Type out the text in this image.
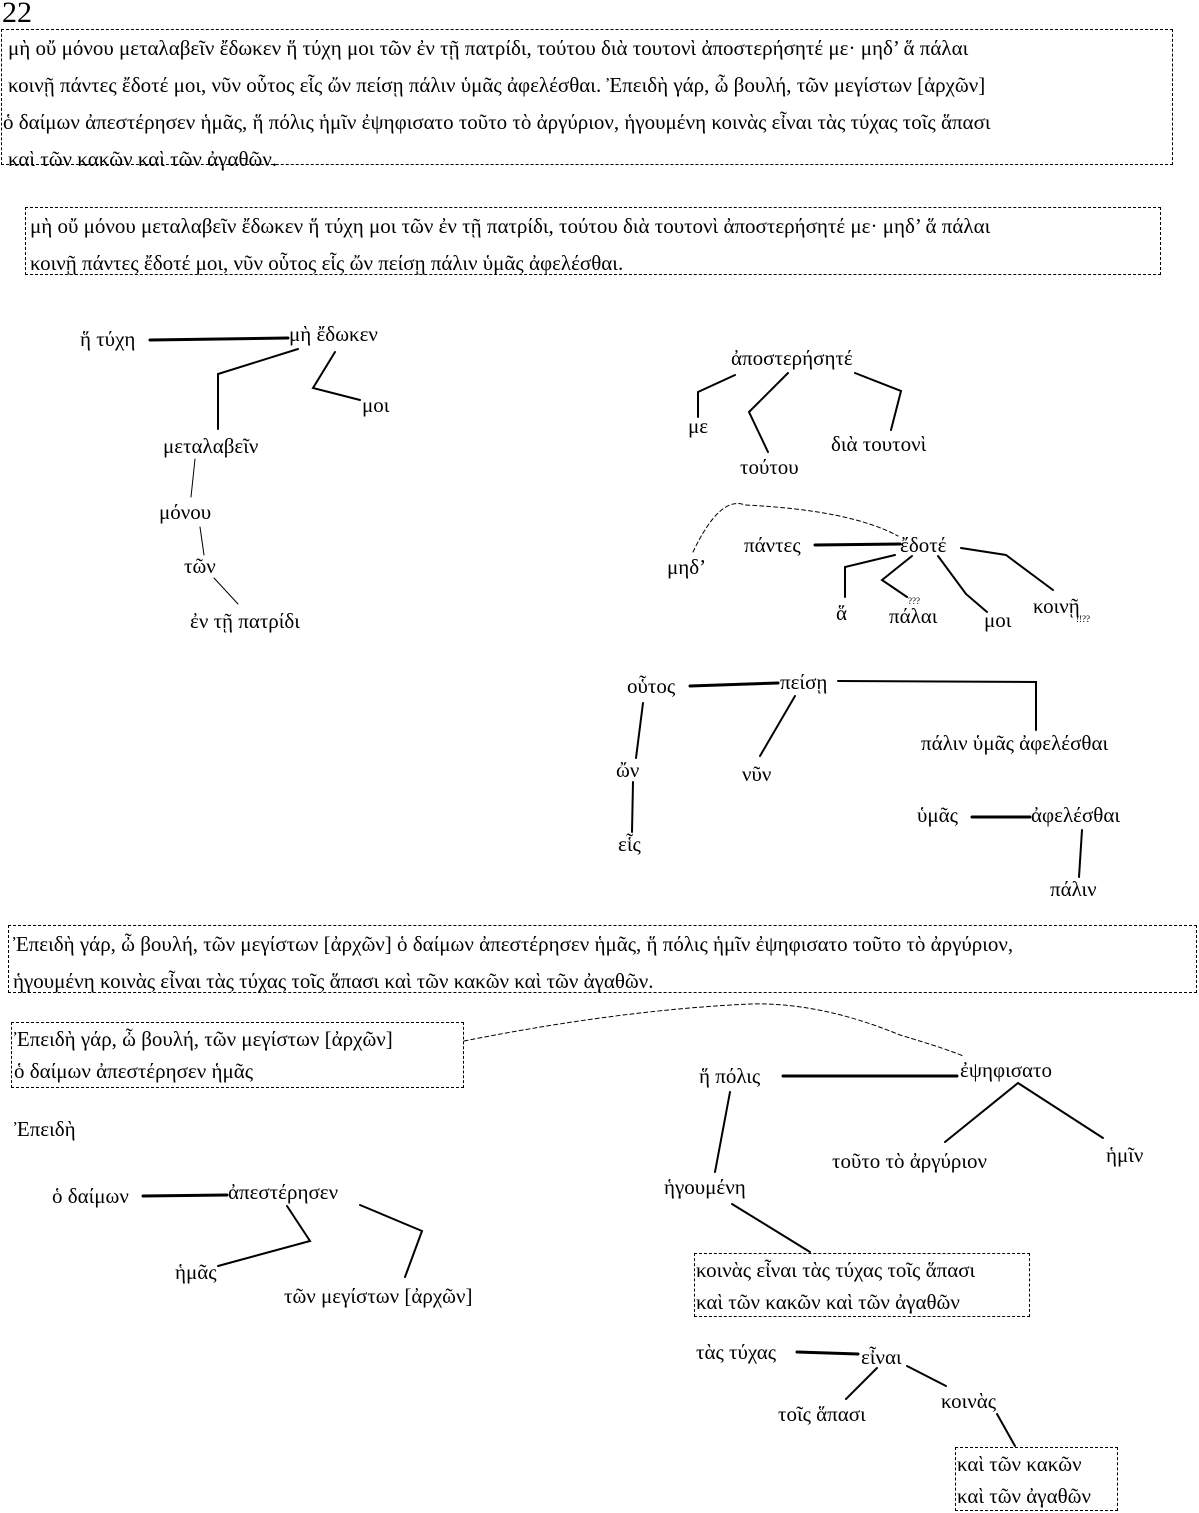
22
μὴ οὔ μόνου μεταλαβεῖν ἔδωκεν ἥ τύχη μοι τῶν ἐν τῇ πατρίδι, τούτου διὰ τουτονὶ ἀποστερήσητέ με· μηδ’ ἅ πάλαι
κοινῇ πάντες ἔδοτέ μοι, νῦν οὗτος εἷς ὤν πείσῃ πάλιν ὑμᾶς ἀφελέσθαι. Ἐπειδὴ γάρ, ὦ βουλή, τῶν μεγίστων [ἀρχῶν]
ὁ δαίμων ἀπεστέρησεν ἡμᾶς, ἥ πόλις ἡμῖν ἐψηφισατο τοῦτο τὸ ἀργύριον, ἡγουμένη κοινὰς εἶναι τὰς τύχας τοῖς ἅπασι
καὶ τῶν κακῶν καὶ τῶν ἀγαθῶν.
μὴ οὔ μόνου μεταλαβεῖν ἔδωκεν ἥ τύχη μοι τῶν ἐν τῇ πατρίδι, τούτου διὰ τουτονὶ ἀποστερήσητέ με· μηδ’ ἅ πάλαι
κοινῇ πάντες ἔδοτέ μοι, νῦν οὗτος εἷς ὤν πείσῃ πάλιν ὑμᾶς ἀφελέσθαι.
ἥ τύχη	μὴ ἔδωκεν
μοι
μεταλαβεῖν
μόνου
τῶν
ἐν τῇ πατρίδι
ἀποστερήσητέ
με
τούτου
διὰ τουτονὶ
μηδ’
πάντες	ἔδοτέ
ἅ πάλαι
???
μοι
κοινῇ
!!??
οὗτος	πείσῃ
ὤν
εἷς
νῦν
πάλιν ὑμᾶς ἀφελέσθαι
ὑμᾶς	ἀφελέσθαι
πάλιν
Ἐπειδὴ γάρ, ὦ βουλή, τῶν μεγίστων [ἀρχῶν] ὁ δαίμων ἀπεστέρησεν ἡμᾶς, ἥ πόλις ἡμῖν ἐψηφισατο τοῦτο τὸ ἀργύριον,
ἡγουμένη κοινὰς εἶναι τὰς τύχας τοῖς ἅπασι καὶ τῶν κακῶν καὶ τῶν ἀγαθῶν.
Ἐπειδὴ γάρ, ὦ βουλή, τῶν μεγίστων [ἀρχῶν]
ὁ δαίμων ἀπεστέρησεν ἡμᾶς
Ἐπειδὴ
ὁ δαίμων	ἀπεστέρησεν
ἡμᾶς
τῶν μεγίστων [ἀρχῶν]
ἥ πόλις	ἐψηφισατο
τοῦτο τὸ ἀργύριον	ἡμῖν
ἡγουμένη
κοινὰς εἶναι τὰς τύχας τοῖς ἅπασι
καὶ τῶν κακῶν καὶ τῶν ἀγαθῶν
τὰς τύχας	εἶναι
τοῖς ἅπασι
κοινὰς
καὶ τῶν κακῶν
καὶ τῶν ἀγαθῶν
